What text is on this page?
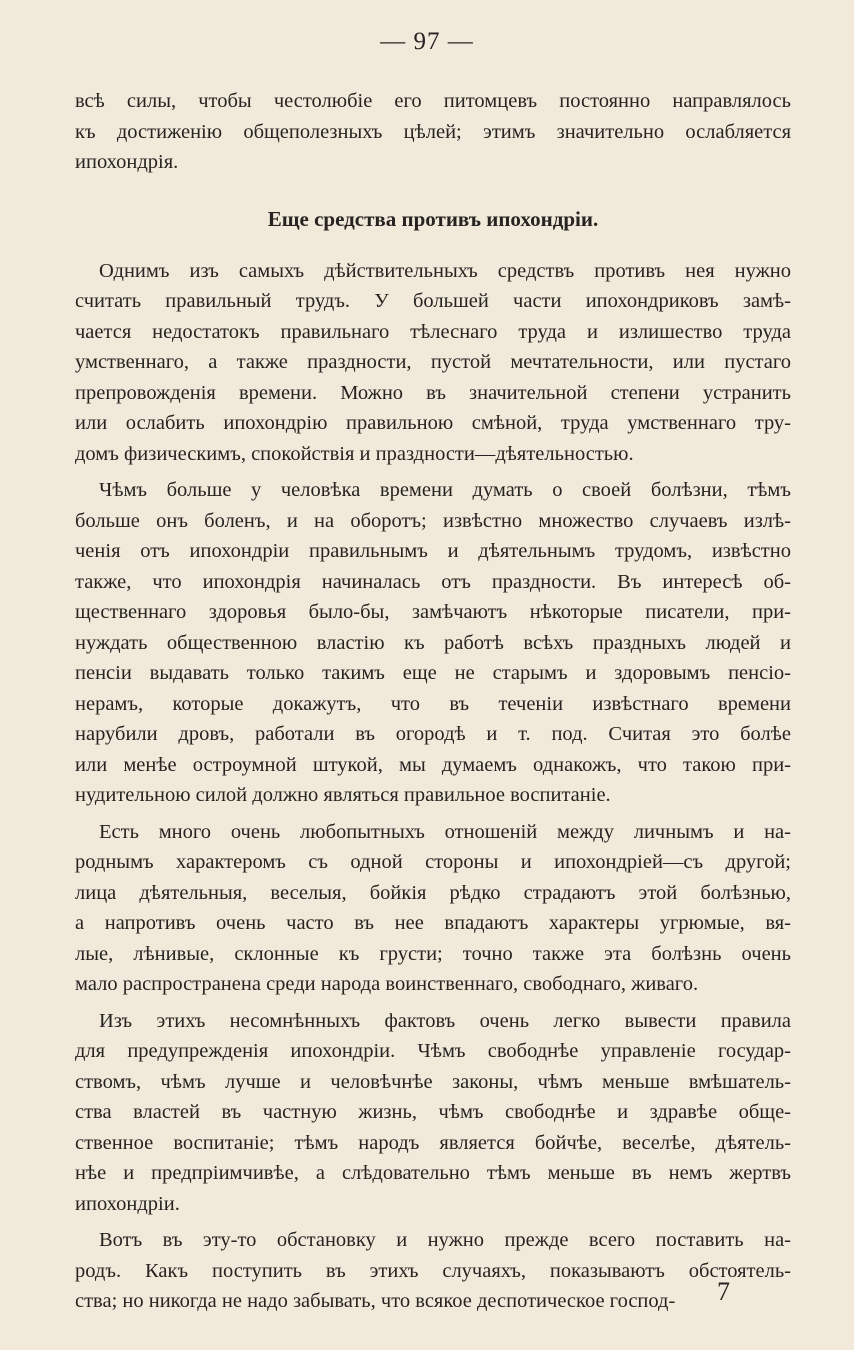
— 97 —
всѣ силы, чтобы честолюбіе его питомцевъ постоянно направлялось
къ достиженію общеполезныхъ цѣлей; этимъ значительно ослабляется
ипохондрія.
Еще средства противъ ипохондріи.
Однимъ изъ самыхъ дѣйствительныхъ средствъ противъ нея нужно
считать правильный трудъ. У большей части ипохондриковъ замѣ-
чается недостатокъ правильнаго тѣлеснаго труда и излишество труда
умственнаго, а также праздности, пустой мечтательности, или пустаго
препровожденія времени. Можно въ значительной степени устранить
или ослабить ипохондрію правильною смѣной, труда умственнаго тру-
домъ физическимъ, спокойствія и праздности—дѣятельностью.
Чѣмъ больше у человѣка времени думать о своей болѣзни, тѣмъ
больше онъ боленъ, и на оборотъ; извѣстно множество случаевъ излѣ-
ченія отъ ипохондріи правильнымъ и дѣятельнымъ трудомъ, извѣстно
также, что ипохондрія начиналась отъ праздности. Въ интересѣ об-
щественнаго здоровья было-бы, замѣчаютъ нѣкоторые писатели, при-
нуждать общественною властію къ работѣ всѣхъ праздныхъ людей и
пенсіи выдавать только такимъ еще не старымъ и здоровымъ пенсіо-
нерамъ, которые докажутъ, что въ теченіи извѣстнаго времени
нарубили дровъ, работали въ огородѣ и т. под. Считая это болѣе
или менѣе остроумной штукой, мы думаемъ однакожъ, что такою при-
нудительною силой должно являться правильное воспитаніе.
Есть много очень любопытныхъ отношеній между личнымъ и на-
роднымъ характеромъ съ одной стороны и ипохондріей—съ другой;
лица дѣятельныя, веселыя, бойкія рѣдко страдаютъ этой болѣзнью,
а напротивъ очень часто въ нее впадаютъ характеры угрюмые, вя-
лые, лѣнивые, склонные къ грусти; точно также эта болѣзнь очень
мало распространена среди народа воинственнаго, свободнаго, живаго.
Изъ этихъ несомнѣнныхъ фактовъ очень легко вывести правила
для предупрежденія ипохондріи. Чѣмъ свободнѣе управленіе государ-
ствомъ, чѣмъ лучше и человѣчнѣе законы, чѣмъ меньше вмѣшатель-
ства властей въ частную жизнь, чѣмъ свободнѣе и здравѣе обще-
ственное воспитаніе; тѣмъ народъ является бойчѣе, веселѣе, дѣятель-
нѣе и предпріимчивѣе, а слѣдовательно тѣмъ меньше въ немъ жертвъ
ипохондріи.
Вотъ въ эту-то обстановку и нужно прежде всего поставить на-
родъ. Какъ поступить въ этихъ случаяхъ, показываютъ обстоятель-
ства; но никогда не надо забывать, что всякое деспотическое господ-	7
